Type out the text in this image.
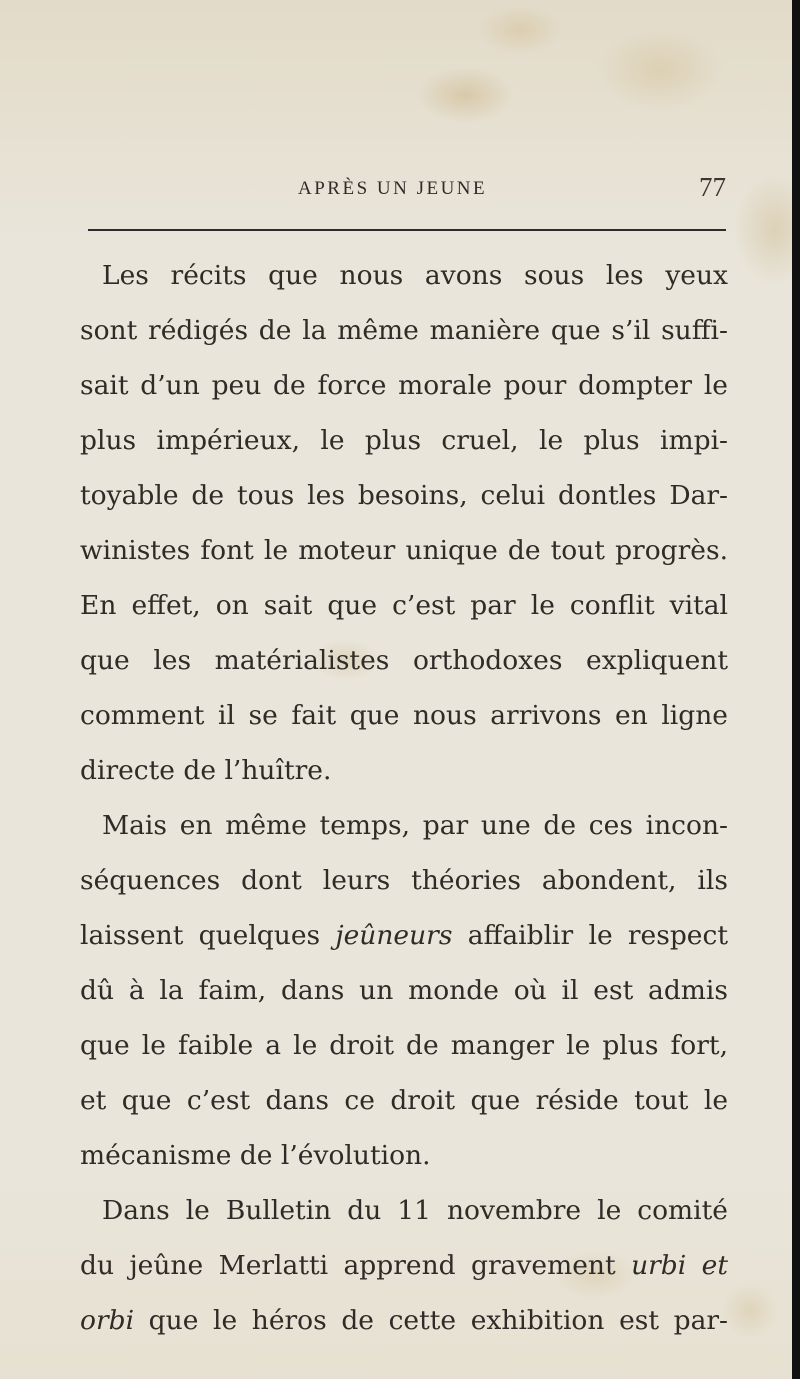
APRÈS UN JEUNE	77
Les récits que nous avons sous les yeux
sont rédigés de la même manière que s’il suffi-
sait d’un peu de force morale pour dompter le
plus impérieux, le plus cruel, le plus impi-
toyable de tous les besoins, celui dontles Dar-
winistes font le moteur unique de tout progrès.
En effet, on sait que c’est par le conflit vital
que les matérialistes orthodoxes expliquent
comment il se fait que nous arrivons en ligne
directe de l’huître.
Mais en même temps, par une de ces incon-
séquences dont leurs théories abondent, ils
laissent quelques jeûneurs affaiblir le respect
dû à la faim, dans un monde où il est admis
que le faible a le droit de manger le plus fort,
et que c’est dans ce droit que réside tout le
mécanisme de l’évolution.
Dans le Bulletin du 11 novembre le comité
du jeûne Merlatti apprend gravement urbi et
orbi que le héros de cette exhibition est par-
